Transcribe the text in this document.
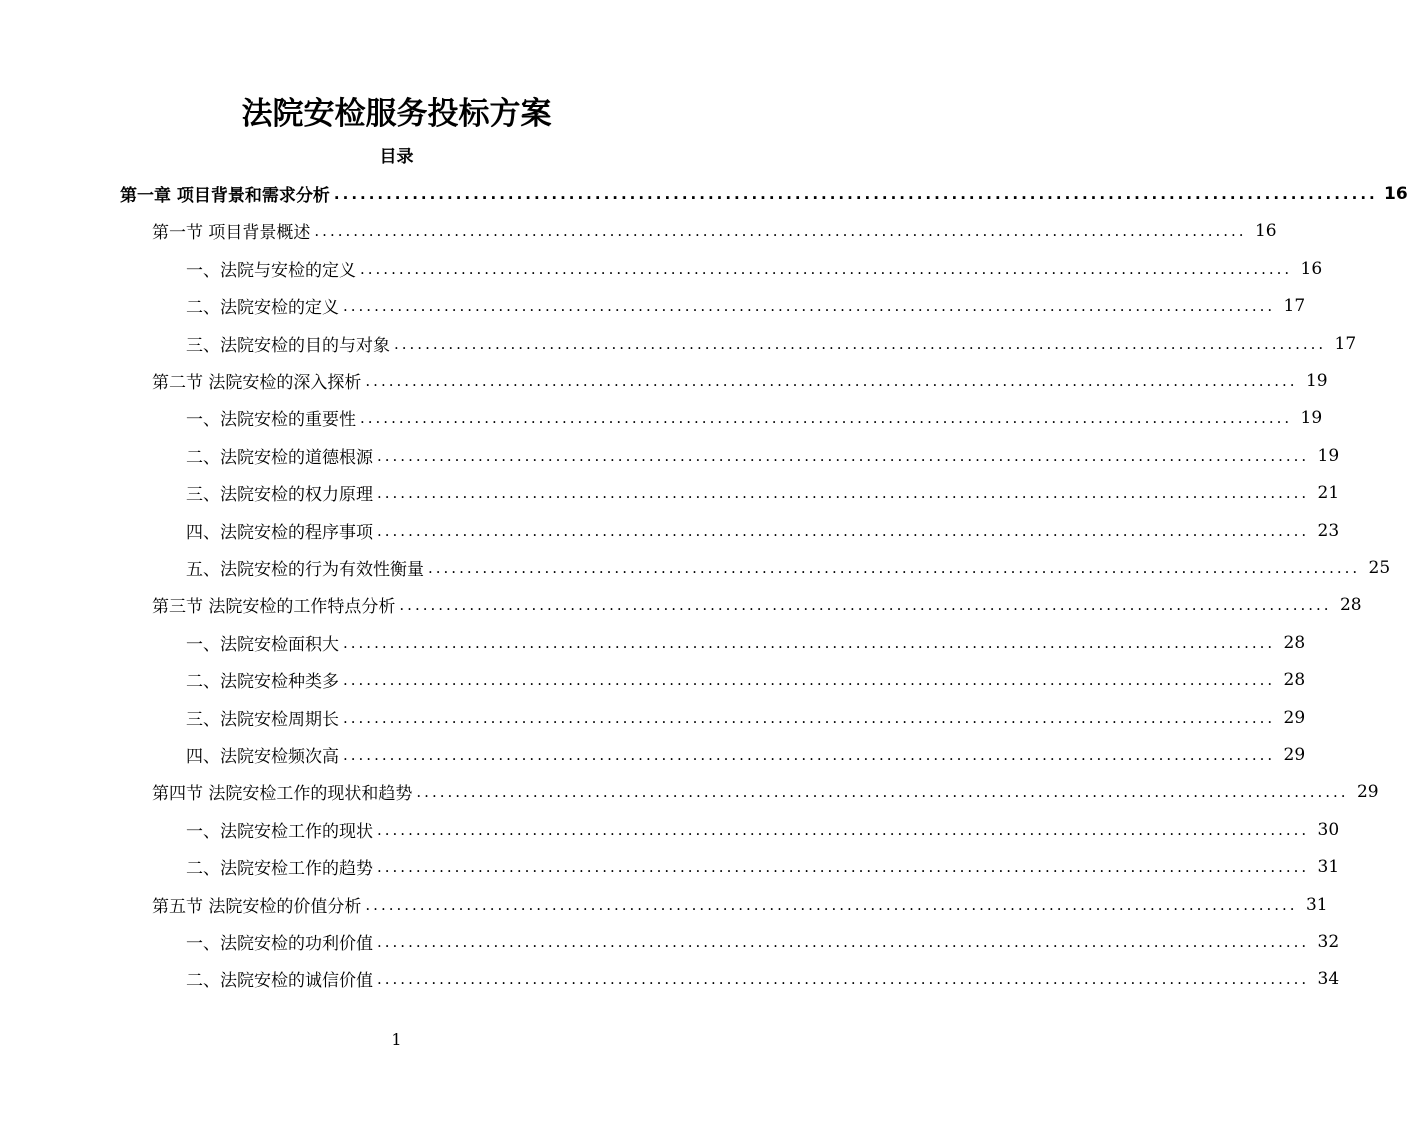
法院安检服务投标方案
目录
第一章 项目背景和需求分析 ........................................................................................................................ 16
第一节 项目背景概述 ........................................................................................................................ 16
一、法院与安检的定义 ........................................................................................................................ 16
二、法院安检的定义 ........................................................................................................................ 17
三、法院安检的目的与对象 ........................................................................................................................ 17
第二节 法院安检的深入探析 ........................................................................................................................ 19
一、法院安检的重要性 ........................................................................................................................ 19
二、法院安检的道德根源 ........................................................................................................................ 19
三、法院安检的权力原理 ........................................................................................................................ 21
四、法院安检的程序事项 ........................................................................................................................ 23
五、法院安检的行为有效性衡量 ........................................................................................................................ 25
第三节 法院安检的工作特点分析 ........................................................................................................................ 28
一、法院安检面积大 ........................................................................................................................ 28
二、法院安检种类多 ........................................................................................................................ 28
三、法院安检周期长 ........................................................................................................................ 29
四、法院安检频次高 ........................................................................................................................ 29
第四节 法院安检工作的现状和趋势 ........................................................................................................................ 29
一、法院安检工作的现状 ........................................................................................................................ 30
二、法院安检工作的趋势 ........................................................................................................................ 31
第五节 法院安检的价值分析 ........................................................................................................................ 31
一、法院安检的功利价值 ........................................................................................................................ 32
二、法院安检的诚信价值 ........................................................................................................................ 34
1
